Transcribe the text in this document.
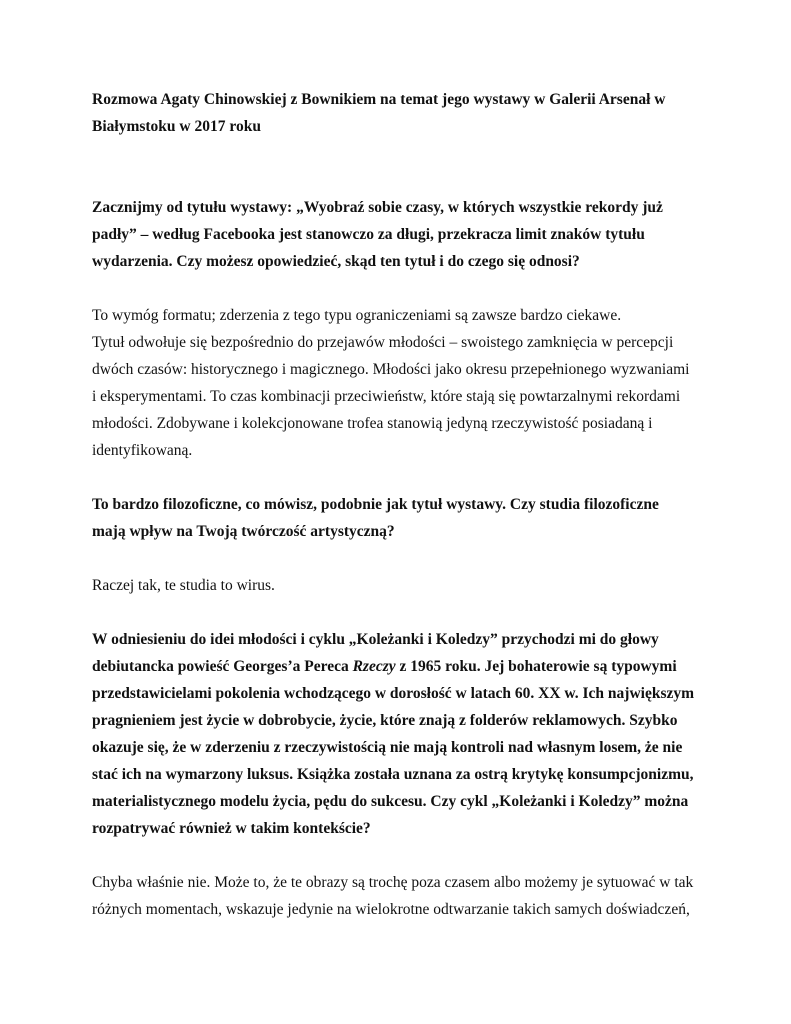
Rozmowa Agaty Chinowskiej z Bownikiem na temat jego wystawy w Galerii Arsenał w
Białymstoku w 2017 roku

Zacznijmy od tytułu wystawy: „Wyobraź sobie czasy, w których wszystkie rekordy już
padły” – według Facebooka jest stanowczo za długi, przekracza limit znaków tytułu
wydarzenia. Czy możesz opowiedzieć, skąd ten tytuł i do czego się odnosi?

To wymóg formatu; zderzenia z tego typu ograniczeniami są zawsze bardzo ciekawe.
Tytuł odwołuje się bezpośrednio do przejawów młodości – swoistego zamknięcia w percepcji
dwóch czasów: historycznego i magicznego. Młodości jako okresu przepełnionego wyzwaniami
i eksperymentami. To czas kombinacji przeciwieństw, które stają się powtarzalnymi rekordami
młodości. Zdobywane i kolekcjonowane trofea stanowią jedyną rzeczywistość posiadaną i
identyfikowaną.

To bardzo filozoficzne, co mówisz, podobnie jak tytuł wystawy. Czy studia filozoficzne
mają wpływ na Twoją twórczość artystyczną?

Raczej tak, te studia to wirus.

W odniesieniu do idei młodości i cyklu „Koleżanki i Koledzy” przychodzi mi do głowy
debiutancka powieść Georges’a Pereca Rzeczy z 1965 roku. Jej bohaterowie są typowymi
przedstawicielami pokolenia wchodzącego w dorosłość w latach 60. XX w. Ich największym
pragnieniem jest życie w dobrobycie, życie, które znają z folderów reklamowych. Szybko
okazuje się, że w zderzeniu z rzeczywistością nie mają kontroli nad własnym losem, że nie
stać ich na wymarzony luksus. Książka została uznana za ostrą krytykę konsumpcjonizmu,
materialistycznego modelu życia, pędu do sukcesu. Czy cykl „Koleżanki i Koledzy” można
rozpatrywać również w takim kontekście?

Chyba właśnie nie. Może to, że te obrazy są trochę poza czasem albo możemy je sytuować w tak
różnych momentach, wskazuje jedynie na wielokrotne odtwarzanie takich samych doświadczeń,
